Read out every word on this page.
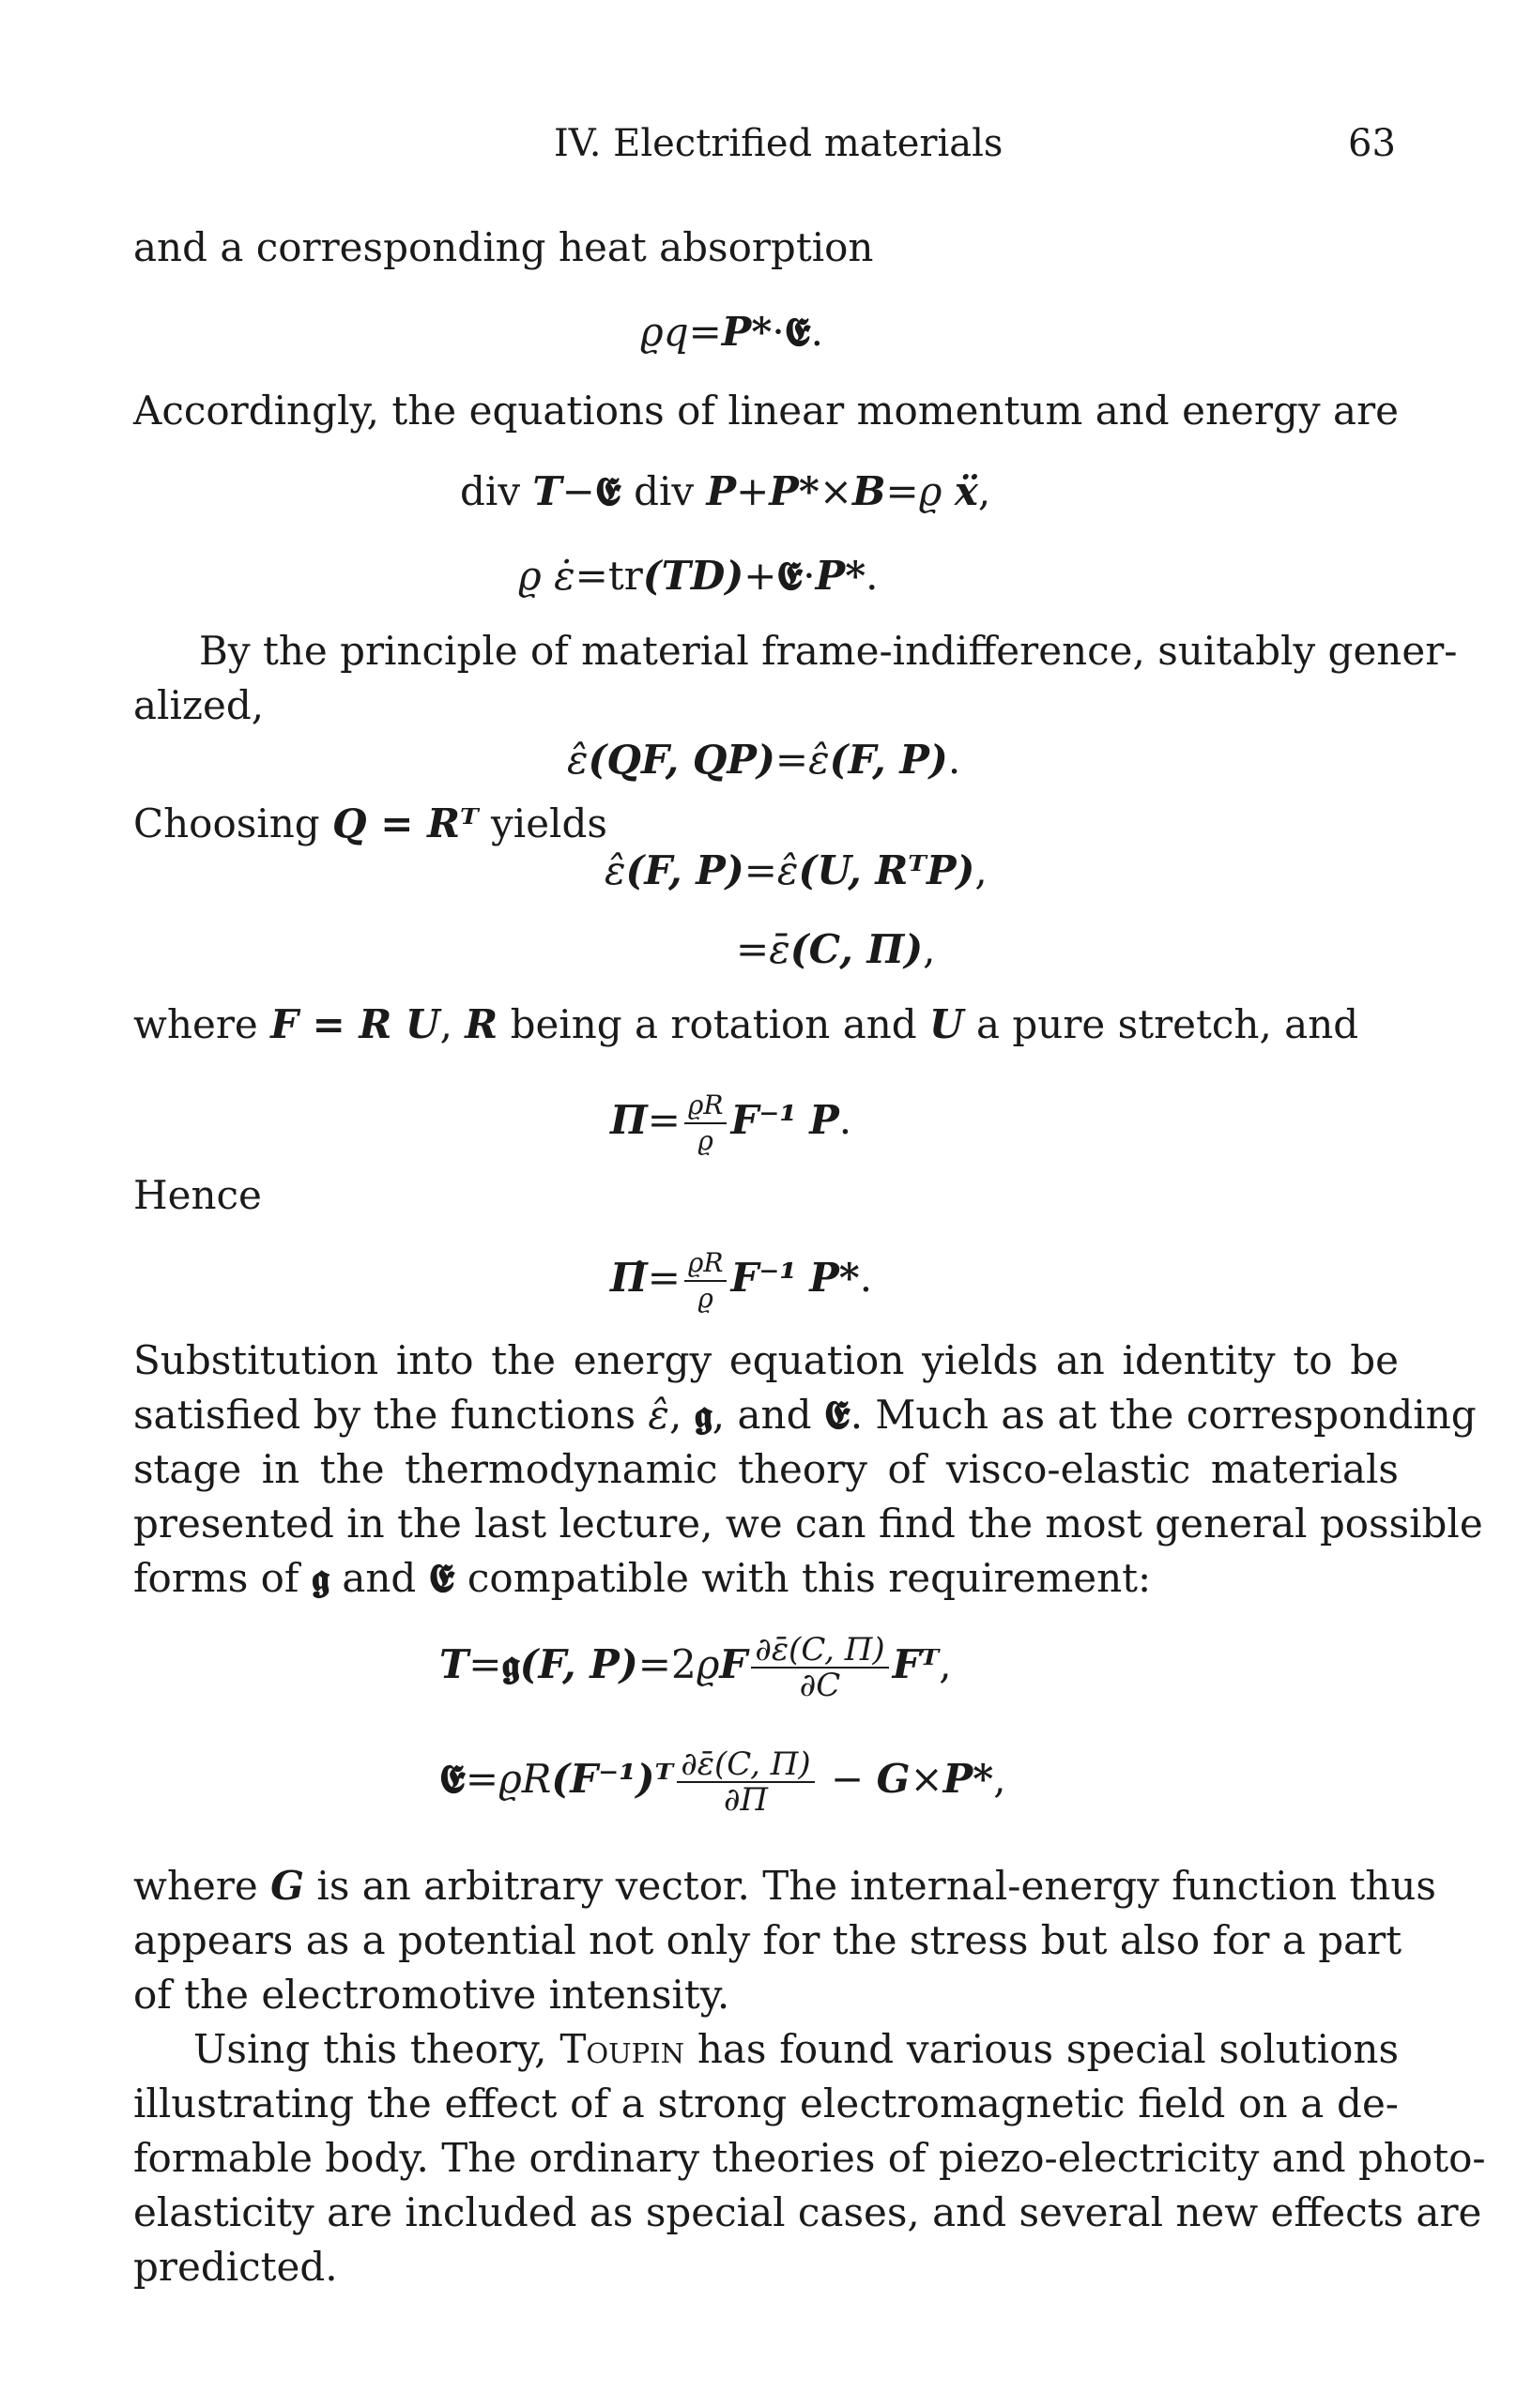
IV. Electrified materials	63
and a corresponding heat absorption
ϱq=P*·𝕰.
Accordingly, the equations of linear momentum and energy are
div T−𝕰 div P+P*×B=ϱ ẍ,
ϱ ε̇=tr(TD)+𝕰·P*.
By the principle of material frame-indifference, suitably gener-
alized,
ε̂(QF, QP)=ε̂(F, P).
Choosing Q = Rᵀ yields
ε̂(F, P)=ε̂(U, RᵀP),
=ε̄(C, Π),
where F = R U, R being a rotation and U a pure stretch, and
$\Pi= \frac{ϱR}{ϱ} F^{-1}$ P.
Hence
Π̇= $\frac{ϱR}{ϱ} F^{-1}$ P*.
Substitution into the energy equation yields an identity to be
satisfied by the functions ε̂, 𝖌, and 𝕰. Much as at the corresponding
stage in the thermodynamic theory of visco-elastic materials
presented in the last lecture, we can find the most general possible
forms of 𝖌 and 𝕰 compatible with this requirement:
T=𝖌(F, $P)=2ϱF \frac{\partial\varepsilon̄(C, \Pi)}{\partial C}$ Fᵀ,
𝕰=ϱR(F⁻¹)ᵀ $\frac{\partial\varepsilon̄(C, \Pi)}{\partial\Pi} - G\times P*$,
where G is an arbitrary vector. The internal-energy function thus
appears as a potential not only for the stress but also for a part
of the electromotive intensity.
Using this theory, Toupin has found various special solutions
illustrating the effect of a strong electromagnetic field on a de-
formable body. The ordinary theories of piezo-electricity and photo-
elasticity are included as special cases, and several new effects are
predicted.
